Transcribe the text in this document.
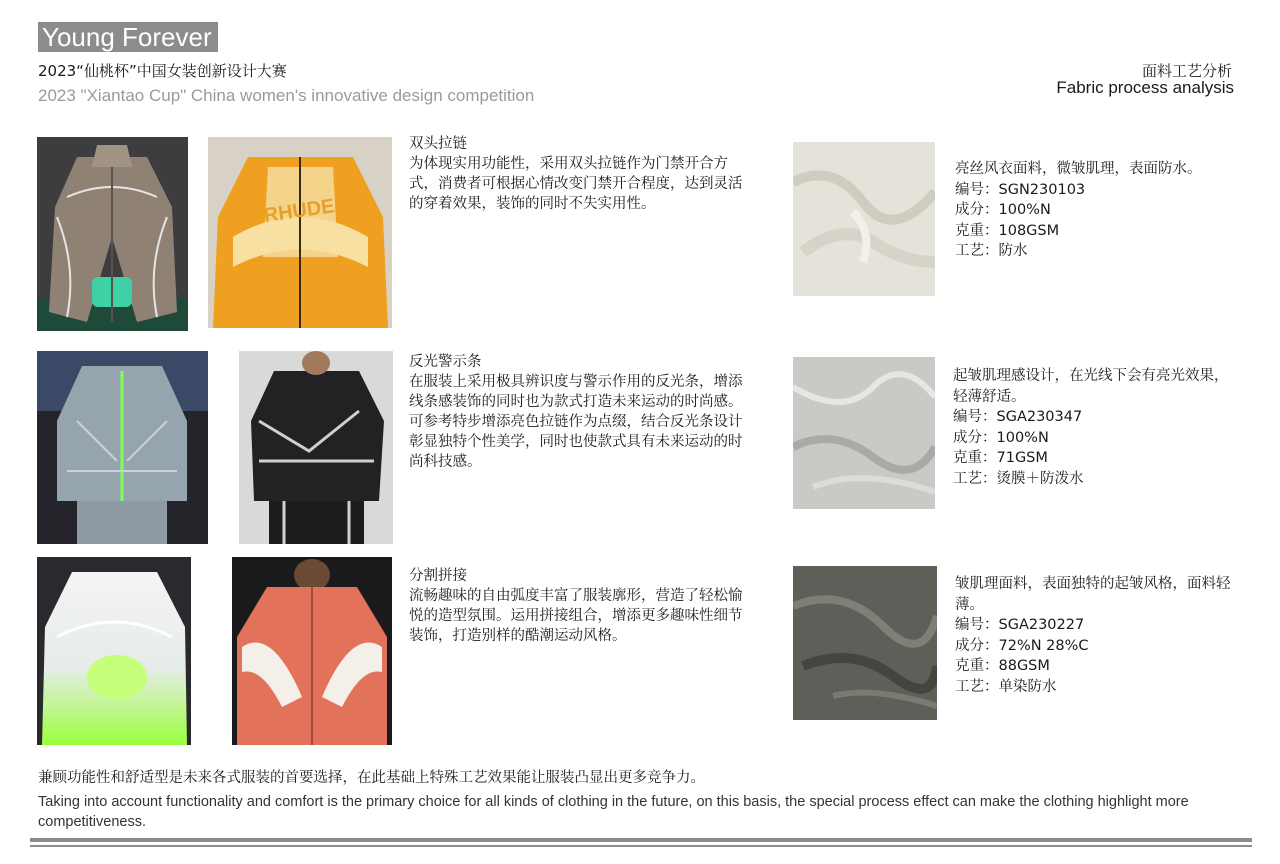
Young Forever
2023“仙桃杯”中国女装创新设计大赛
2023 "Xiantao Cup" China women's innovative design competition
面料工艺分析
Fabric process analysis
RHUDE
双头拉链
为体现实用功能性，采用双头拉链作为门禁开合方式，消费者可根据心情改变门禁开合程度，达到灵活的穿着效果，装饰的同时不失实用性。
反光警示条
在服装上采用极具辨识度与警示作用的反光条，增添线条感装饰的同时也为款式打造未来运动的时尚感。可参考特步增添亮色拉链作为点缀，结合反光条设计彰显独特个性美学，同时也使款式具有未来运动的时尚科技感。
分割拼接
流畅趣味的自由弧度丰富了服装廓形，营造了轻松愉悦的造型氛围。运用拼接组合，增添更多趣味性细节装饰，打造别样的酷潮运动风格。
亮丝风衣面料，微皱肌理，表面防水。
编号：SGN230103
成分：100%N
克重：108GSM
工艺：防水
起皱肌理感设计，在光线下会有亮光效果，轻薄舒适。
编号：SGA230347
成分：100%N
克重：71GSM
工艺：烫膜＋防泼水
皱肌理面料，表面独特的起皱风格，面料轻薄。
编号：SGA230227
成分：72%N 28%C
克重：88GSM
工艺：单染防水
兼顾功能性和舒适型是未来各式服装的首要选择，在此基础上特殊工艺效果能让服装凸显出更多竞争力。
Taking into account functionality and comfort is the primary choice for all kinds of clothing in the future, on this basis, the special process effect can make the clothing highlight more competitiveness.
